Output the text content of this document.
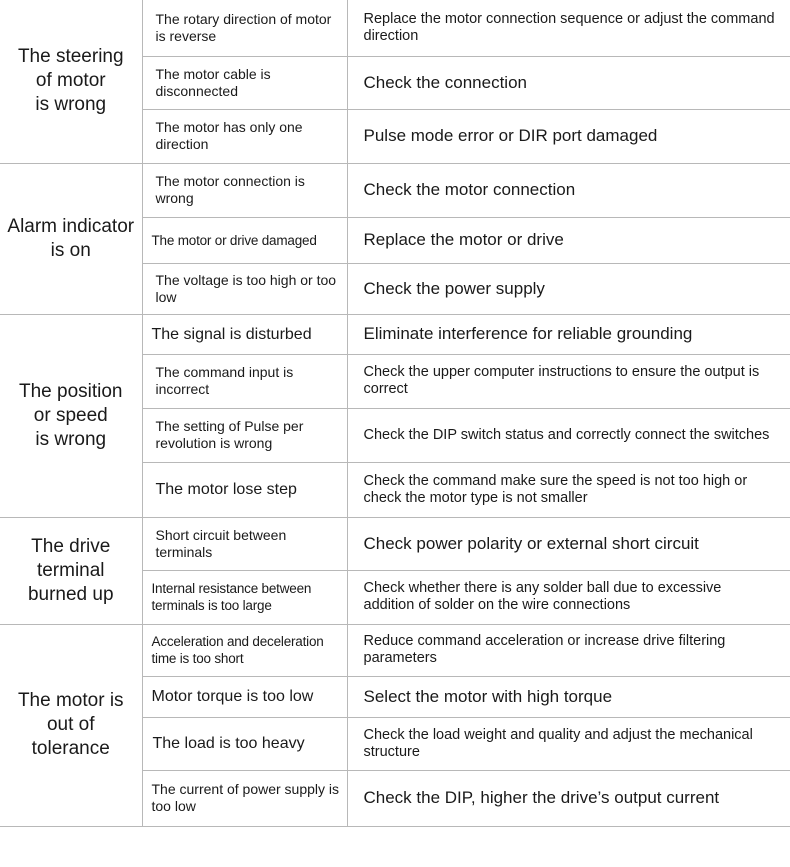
The steering
of motor
is wrong	The rotary direction of motor is reverse	Replace the motor connection sequence or adjust the command direction
	The motor cable is disconnected	Check the connection
	The motor has only one direction	Pulse mode error or DIR port damaged
Alarm indicator
is on	The motor connection is wrong	Check the motor connection
	The motor or drive damaged	Replace the motor or drive
	The voltage is too high or too low	Check the power supply
The position
or speed
is wrong	The signal is disturbed	Eliminate interference for reliable grounding
	The command input is incorrect	Check the upper computer instructions to ensure the output is correct
	The setting of Pulse per revolution is wrong	Check the DIP switch status and correctly connect the switches
	The motor lose step	Check the command make sure the speed is not too high or check the motor type is not smaller
The drive
terminal
burned up	Short circuit between terminals	Check power polarity or external short circuit
	Internal resistance between terminals is too large	Check whether there is any solder ball due to excessive addition of solder on the wire connections
The motor is
out of
tolerance	Acceleration and deceleration time is too short	Reduce command acceleration or increase drive filtering parameters
	Motor torque is too low	Select the motor with high torque
	The load is too heavy	Check the load weight and quality and adjust the mechanical structure
	The current of power supply is too low	Check the DIP, higher the drive’s output current
